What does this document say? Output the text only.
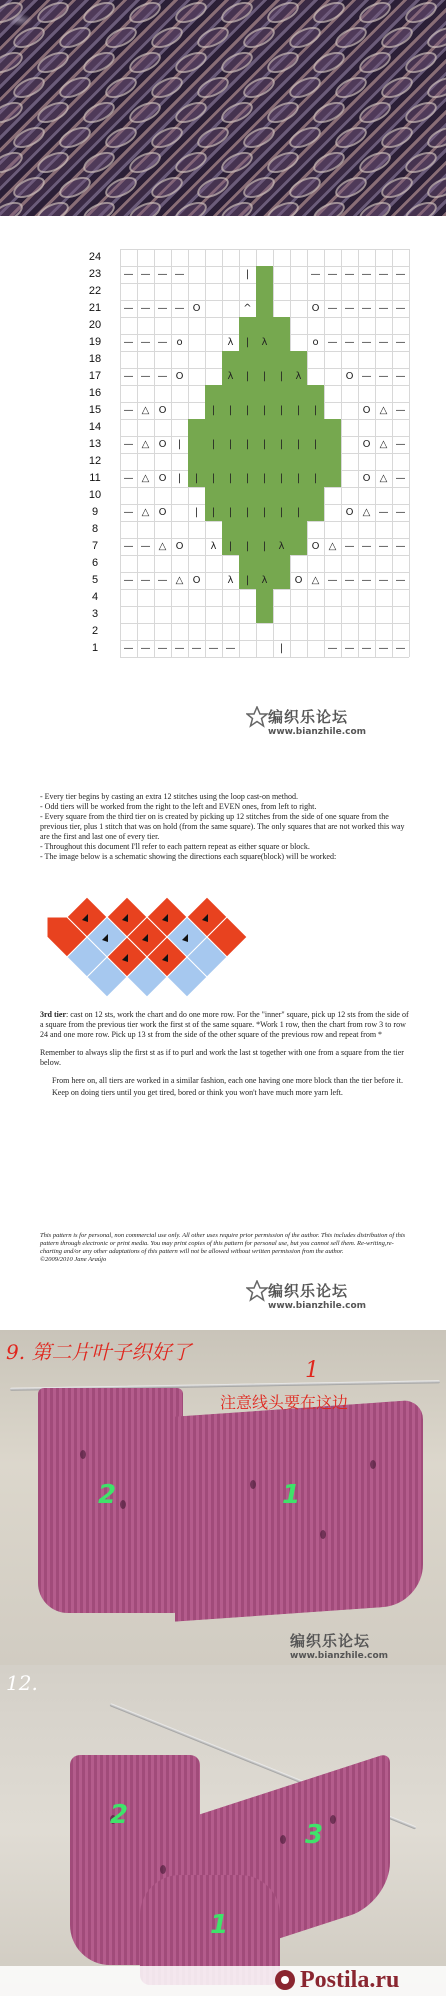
24
23	— — — —	|	— — — — — —
22
21	— — — — O	^	O — — — — —
20
19	— — — o	λ	|	λ	o — — — — —
18
17	— — — O	λ	|	|	|	λ	O — — —
16
15	— △ O	|	|	|	|	|	|	|	O △ —
14
13	— △ O	|	|	|	|	|	|	|	|	O △ —
12
11	— △ O	|	|	|	|	|	|	|	|	|	O △ —
10
9	— △ O	|	|	|	|	|	|	|	O △ — —
8
7	— — △ O	λ	|	|	|	λ	O △ — — — —
6
5	— — — △ O	λ	|	λ	O △ — — — — —
4
3
2
1	— — — — — — —	|	— — — — —
编织乐论坛
www.bianzhile.com

- Every tier begins by casting an extra 12 stitches using the loop cast-on method.

- Odd tiers will be worked from the right to the left and EVEN ones, from left to right.

- Every square from the third tier on is created by picking up 12 stitches from the side of one square from the previous tier, plus 1 stitch that was on hold (from the same square). The only squares that are not worked this way are the first and last one of every tier.

- Throughout this document I'll refer to each pattern repeat as either square or block.

- The image below is a schematic showing the directions each square(block) will be worked:

3rd tier: cast on 12 sts, work the chart and do one more row. For the "inner" square, pick up 12 sts from the side of a square from the previous tier work the first st of the same square. *Work 1 row, then the chart from row 3 to row 24 and one more row. Pick up 13 st from the side of the other square of the previous row and repeat from *

Remember to always slip the first st as if to purl and work the last st together with one from a square from the tier below.

From here on, all tiers are worked in a similar fashion, each one having one more block than the tier before it.

Keep on doing tiers until you get tired, bored or think you won't have much more yarn left.

This pattern is for personal, non commercial use only. All other uses require prior permission of the author. This includes distribution of this pattern through electronic or print media. You may print copies of this pattern for personal use, but you cannot sell them. Re-writing,re-charting and/or any other adaptations of this pattern will not be allowed without written permission from the author.
©2009/2010 Jane Araújo
编织乐论坛
www.bianzhile.com
9. 第二片叶子织好了
1
注意线头要在这边
2	1
编织乐论坛
www.bianzhile.com
12.
2
3
1
Postila.ru
